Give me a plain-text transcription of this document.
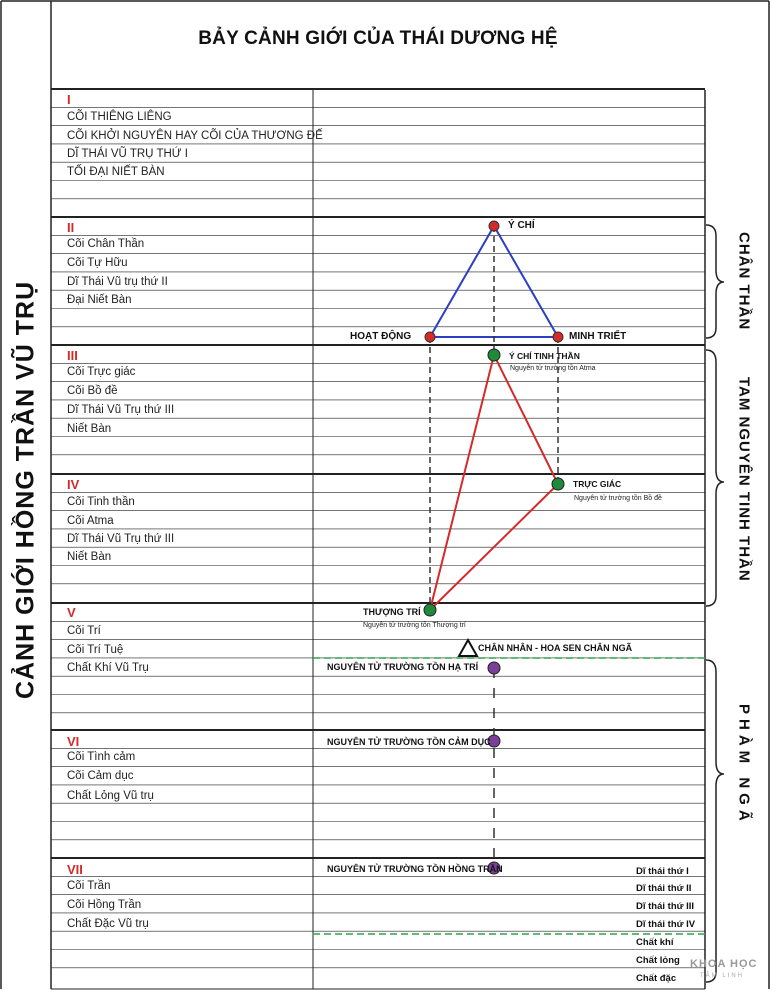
BẢY CẢNH GIỚI CỦA THÁI DƯƠNG HỆ
CẢNH GIỚI HỒNG TRẦN VŨ TRỤ
I
CÕI THIÊNG LIÊNG
CÕI KHỞI NGUYÊN HAY CÕI CỦA THƯƠNG ĐẾ
DĨ THÁI VŨ TRỤ THỨ I
TỐI ĐẠI NIẾT BÀN
II
Cõi Chân Thần
Cõi Tự Hữu
Dĩ Thái Vũ trụ thứ II
Đại Niết Bàn
III
Cõi Trực giác
Cõi Bồ đề
Dĩ Thái Vũ Trụ thứ III
Niết Bàn
IV
Cõi Tinh thần
Cõi Atma
Dĩ Thái Vũ Trụ thứ III
Niết Bàn
V
Cõi Trí
Cõi Trí Tuệ
Chất Khí Vũ Trụ
VI
Cõi Tình cảm
Cõi Cảm dục
Chất Lỏng Vũ trụ
VII
Cõi Trần
Cõi Hồng Trần
Chất Đặc Vũ trụ
Ý CHÍ
HOẠT ĐỘNG	MINH TRIẾT
Ý CHÍ TINH THẦN
Nguyên tử trường tồn Atma
TRỰC GIÁC
Nguyên tử trường tồn Bồ đề
THƯỢNG TRÍ
Nguyên tử trường tồn Thượng trí
CHÂN NHÂN - HOA SEN CHÂN NGÃ
NGUYÊN TỬ TRƯỜNG TỒN HẠ TRÍ
NGUYÊN TỬ TRƯỜNG TỒN CẢM DỤC
NGUYÊN TỬ TRƯỜNG TỒN HỒNG TRẦN	Dĩ thái thứ I
Dĩ thái thứ II
Dĩ thái thứ III
Dĩ thái thứ IV
Chất khí
Chất lỏng
Chất đặc
CHÂN THẦN
TAM NGUYÊN TINH THẦN
PHÀM NGÃ
KHOA HỌC
TÂM LINH
